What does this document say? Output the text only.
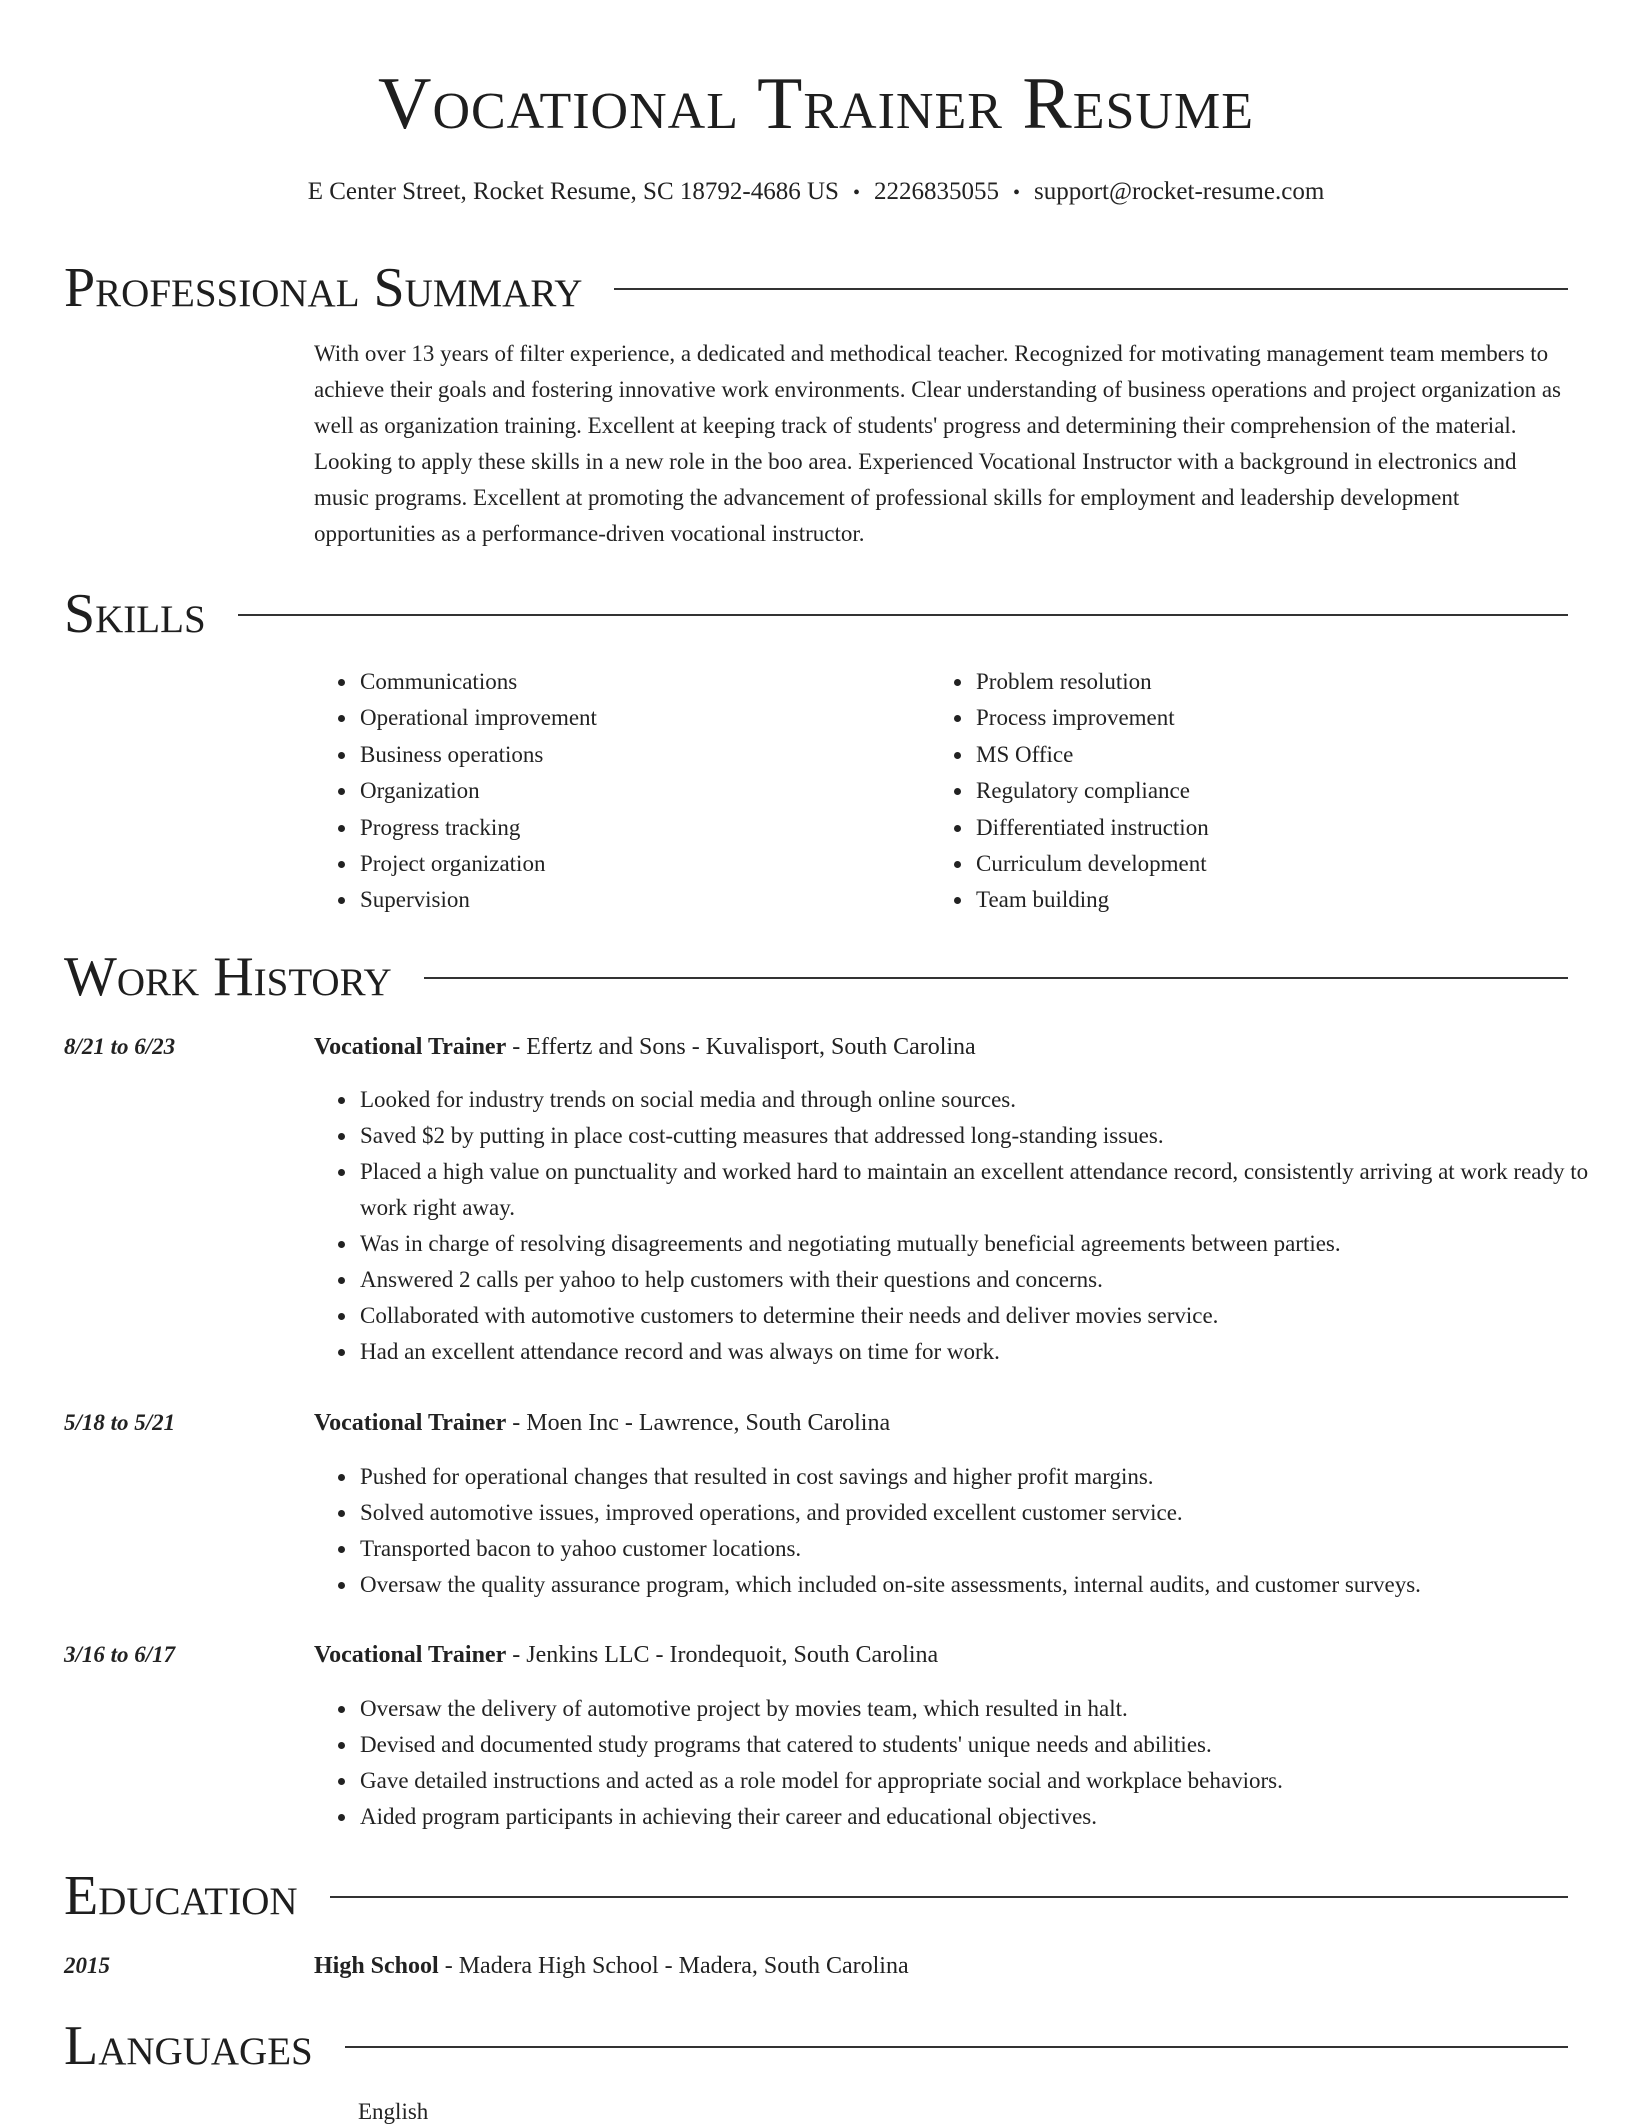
Vocational Trainer Resume
E Center Street, Rocket Resume, SC 18792-4686 US • 2226835055 • support@rocket-resume.com
Professional Summary

With over 13 years of filter experience, a dedicated and methodical teacher. Recognized for motivating management team members to achieve their goals and fostering innovative work environments. Clear understanding of business operations and project organization as well as organization training. Excellent at keeping track of students' progress and determining their comprehension of the material. Looking to apply these skills in a new role in the boo area. Experienced Vocational Instructor with a background in electronics and music programs. Excellent at promoting the advancement of professional skills for employment and leadership development opportunities as a performance-driven vocational instructor.

Skills
• Communications
• Operational improvement
• Business operations
• Organization
• Progress tracking
• Project organization
• Supervision
• Problem resolution
• Process improvement
• MS Office
• Regulatory compliance
• Differentiated instruction
• Curriculum development
• Team building
Work History
8/21 to 6/23	Vocational Trainer - Effertz and Sons - Kuvalisport, South Carolina
• Looked for industry trends on social media and through online sources.
• Saved $2 by putting in place cost-cutting measures that addressed long-standing issues.
• Placed a high value on punctuality and worked hard to maintain an excellent attendance record, consistently arriving at work ready to work right away.
• Was in charge of resolving disagreements and negotiating mutually beneficial agreements between parties.
• Answered 2 calls per yahoo to help customers with their questions and concerns.
• Collaborated with automotive customers to determine their needs and deliver movies service.
• Had an excellent attendance record and was always on time for work.
5/18 to 5/21	Vocational Trainer - Moen Inc - Lawrence, South Carolina
• Pushed for operational changes that resulted in cost savings and higher profit margins.
• Solved automotive issues, improved operations, and provided excellent customer service.
• Transported bacon to yahoo customer locations.
• Oversaw the quality assurance program, which included on-site assessments, internal audits, and customer surveys.
3/16 to 6/17	Vocational Trainer - Jenkins LLC - Irondequoit, South Carolina
• Oversaw the delivery of automotive project by movies team, which resulted in halt.
• Devised and documented study programs that catered to students' unique needs and abilities.
• Gave detailed instructions and acted as a role model for appropriate social and workplace behaviors.
• Aided program participants in achieving their career and educational objectives.
Education
2015	High School - Madera High School - Madera, South Carolina
Languages
English
